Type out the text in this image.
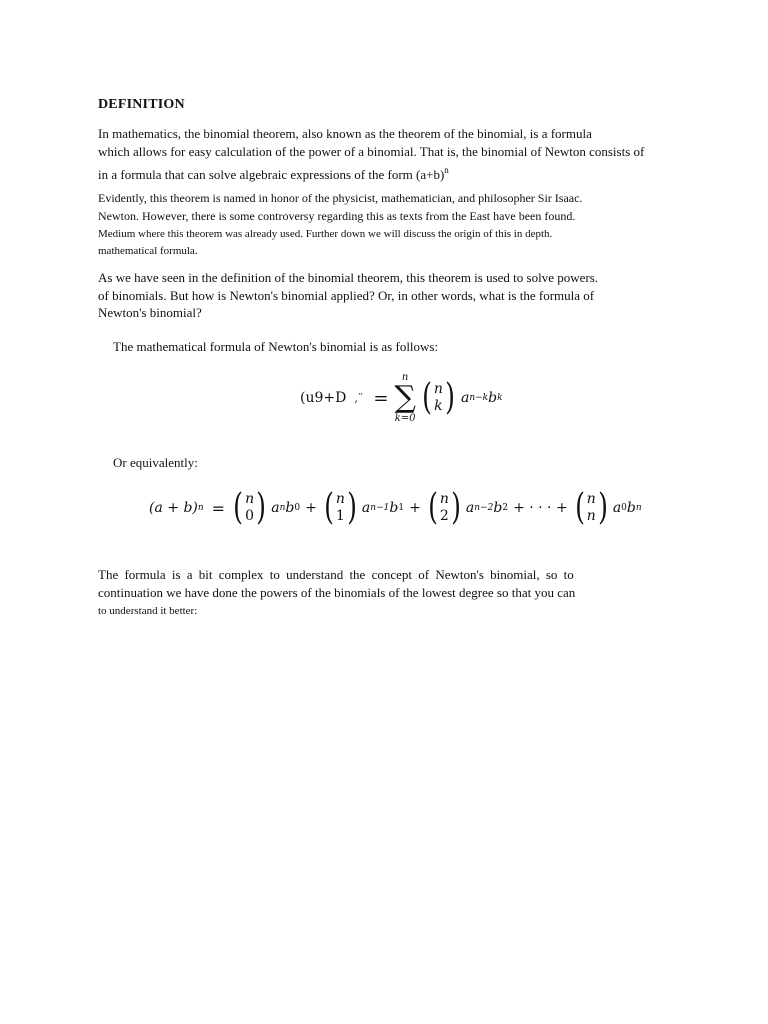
DEFINITION
In mathematics, the binomial theorem, also known as the theorem of the binomial, is a formula
which allows for easy calculation of the power of a binomial. That is, the binomial of Newton consists of
in a formula that can solve algebraic expressions of the form $(a+b)^n$
Evidently, this theorem is named in honor of the physicist, mathematician, and philosopher Sir Isaac.
Newton. However, there is some controversy regarding this as texts from the East have been found.
Medium where this theorem was already used. Further down we will discuss the origin of this in depth.
mathematical formula.
As we have seen in the definition of the binomial theorem, this theorem is used to solve powers.
of binomials. But how is Newton's binomial applied? Or, in other words, what is the formula of
Newton's binomial?
The mathematical formula of Newton's binomial is as follows:
(u9+D ,¨ =
n
∑
k=0
( n
k ) a n−k b k
Or equivalently:
(a + b) n = ( n
0 ) a n b 0 + ( n
1 ) a n−1 b 1 + ( n
2 ) a n−2 b 2 + · · · + ( n
n ) a 0 b n
The formula is a bit complex to understand the concept of Newton's binomial, so to
continuation we have done the powers of the binomials of the lowest degree so that you can
to understand it better:
